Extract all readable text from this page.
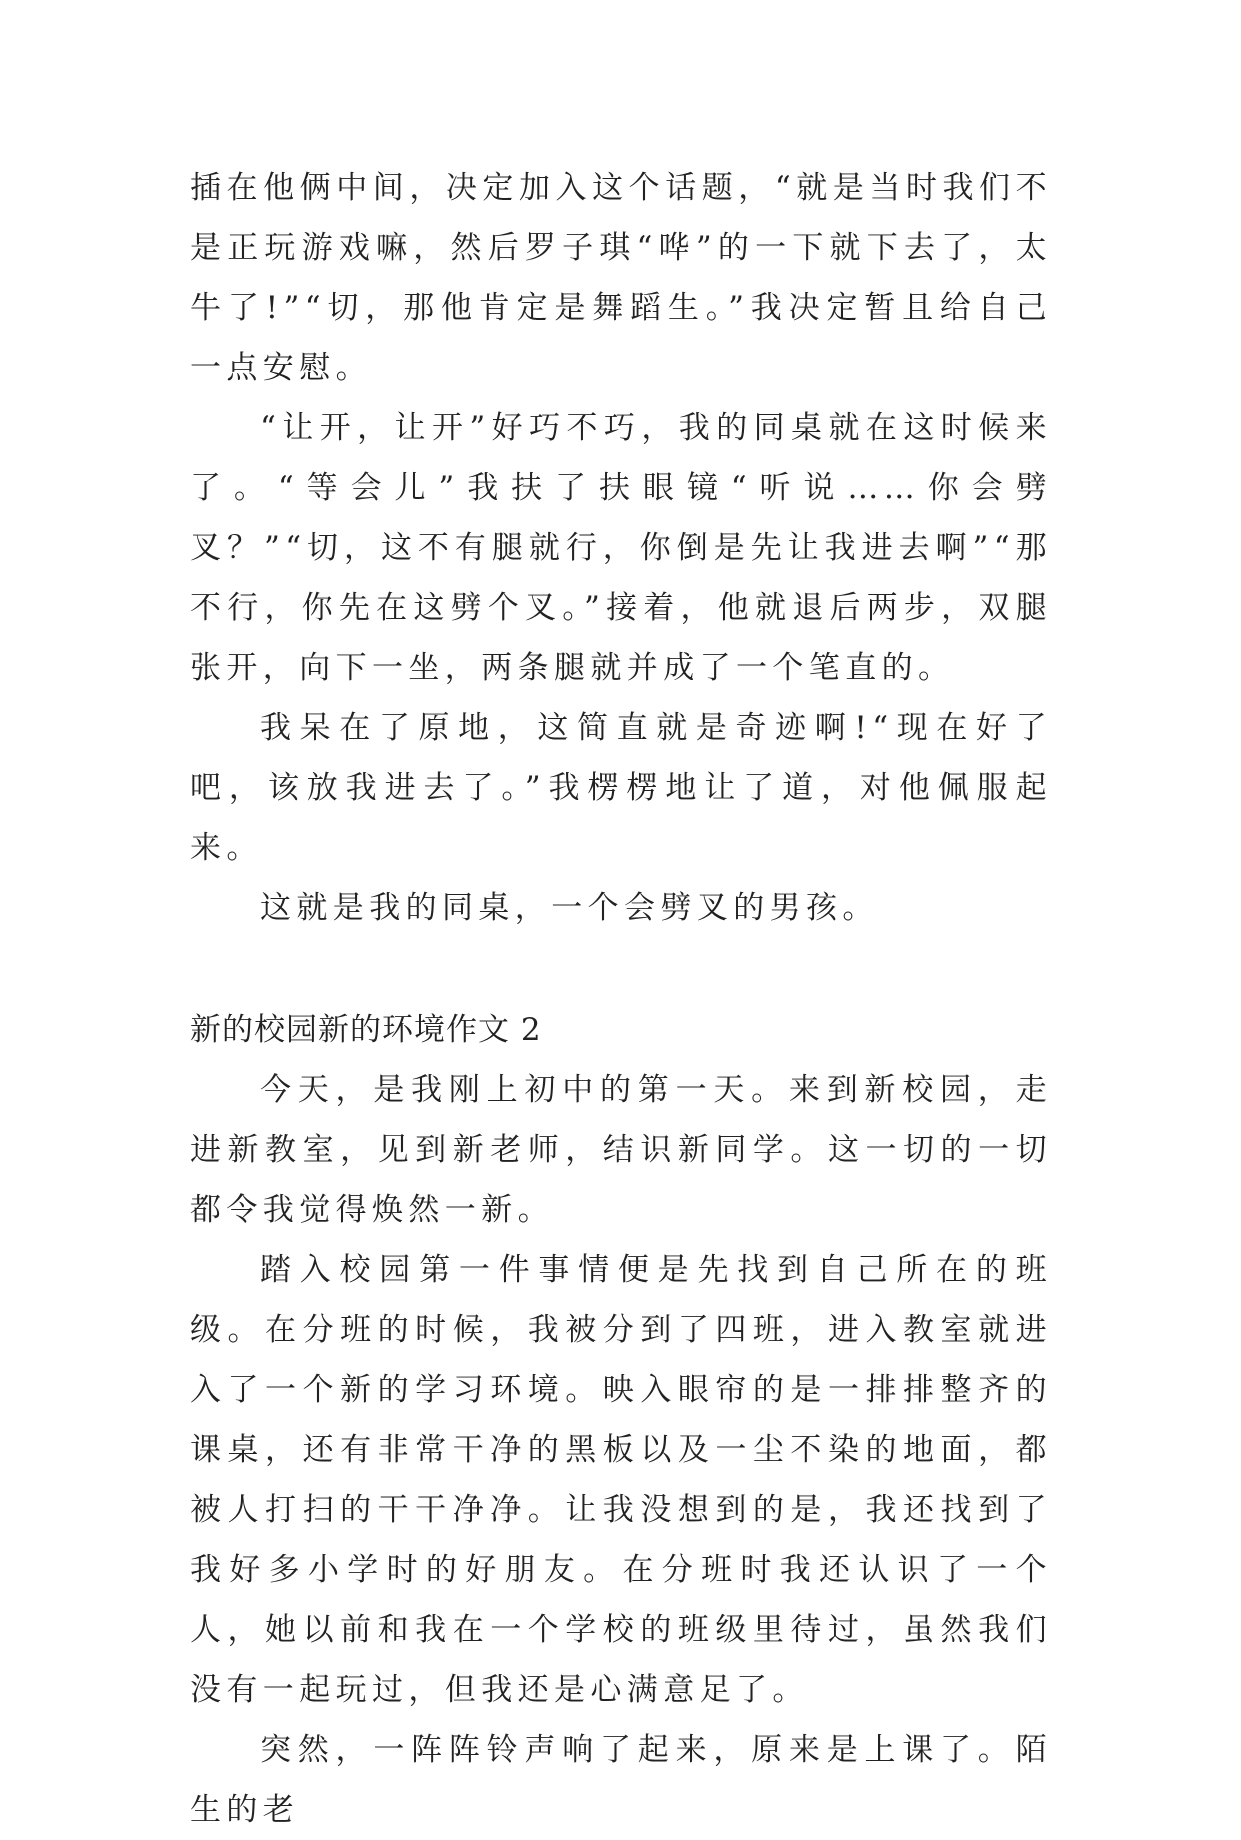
插在他俩中间，决定加入这个话题，“就是当时我们不是正玩游戏嘛，然后罗子琪“哗”的一下就下去了，太牛了!”“切，那他肯定是舞蹈生。”我决定暂且给自己一点安慰。

“让开，让开”好巧不巧，我的同桌就在这时候来了。“等会儿”我扶了扶眼镜“听说……你会劈叉？”“切，这不有腿就行，你倒是先让我进去啊”“那不行，你先在这劈个叉。”接着，他就退后两步，双腿张开，向下一坐，两条腿就并成了一个笔直的。

我呆在了原地，这简直就是奇迹啊!“现在好了吧，该放我进去了。”我楞楞地让了道，对他佩服起来。

这就是我的同桌，一个会劈叉的男孩。

新的校园新的环境作文 2

今天，是我刚上初中的第一天。来到新校园，走进新教室，见到新老师，结识新同学。这一切的一切都令我觉得焕然一新。

踏入校园第一件事情便是先找到自己所在的班级。在分班的时候，我被分到了四班，进入教室就进入了一个新的学习环境。映入眼帘的是一排排整齐的课桌，还有非常干净的黑板以及一尘不染的地面，都被人打扫的干干净净。让我没想到的是，我还找到了我好多小学时的好朋友。在分班时我还认识了一个人，她以前和我在一个学校的班级里待过，虽然我们没有一起玩过，但我还是心满意足了。

突然，一阵阵铃声响了起来，原来是上课了。陌生的老
